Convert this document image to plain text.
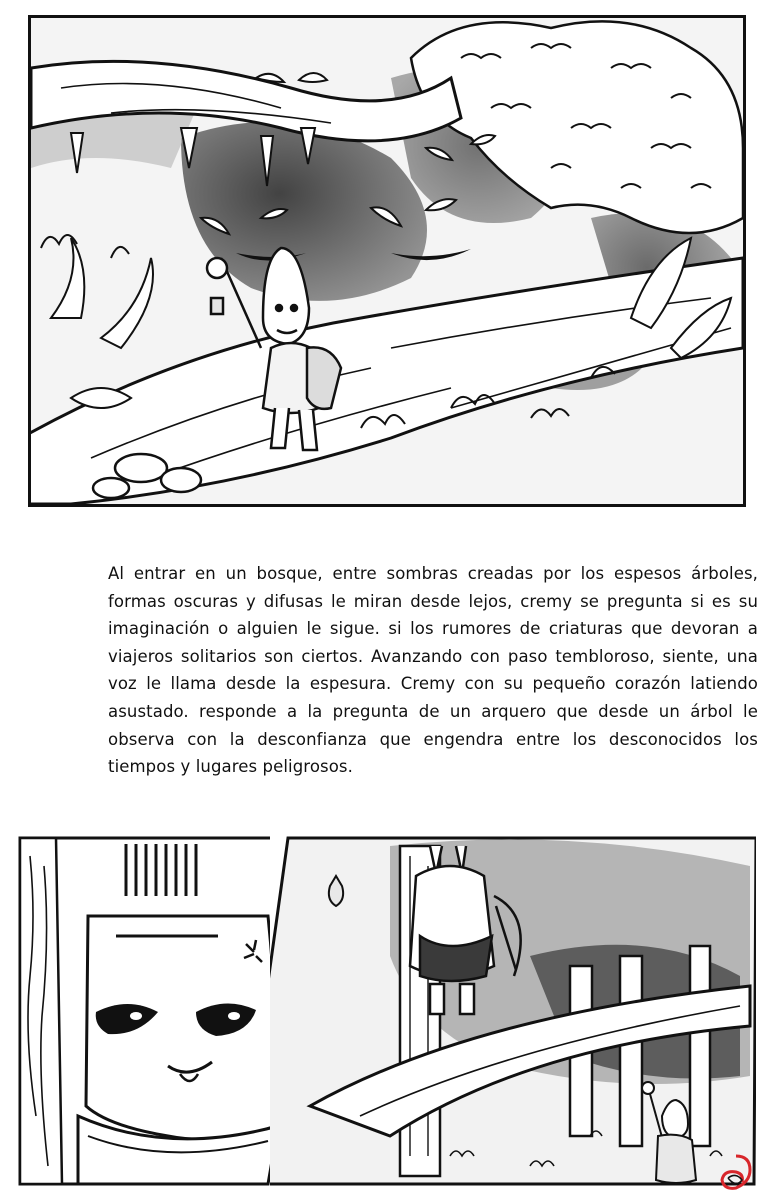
Al entrar en un bosque, entre sombras creadas por los espesos árboles, formas oscuras y difusas le miran desde lejos, cremy se pregunta si es su imaginación o alguien le sigue. si los rumores de criaturas que devoran a viajeros solitarios son ciertos. Avanzando con paso tembloroso, siente, una voz le llama desde la espesura. Cremy con su pequeño corazón latiendo asustado. responde a la pregunta de un arquero que desde un árbol le observa con la desconfianza que engendra entre los desconocidos los tiempos y lugares peligrosos.
